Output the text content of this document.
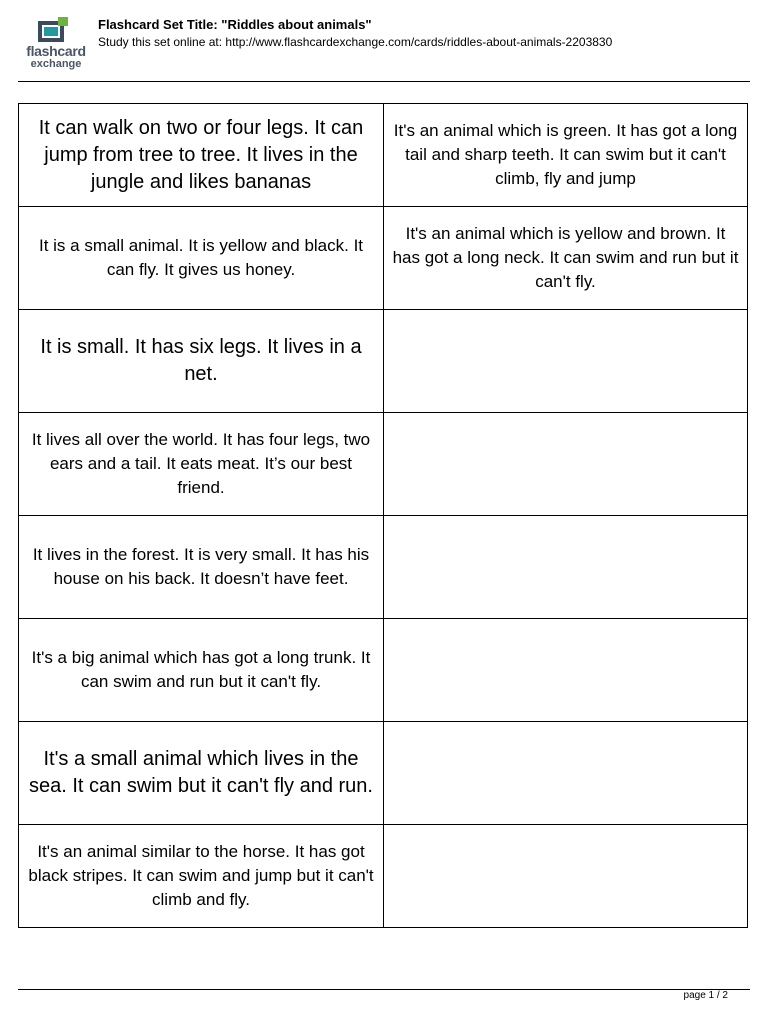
flashcard
exchange
Flashcard Set Title: "Riddles about animals"
Study this set online at: http://www.flashcardexchange.com/cards/riddles-about-animals-2203830
It can walk on two or four legs. It can jump from tree to tree. It lives in the jungle and likes bananas	It's an animal which is green. It has got a long tail and sharp teeth. It can swim but it can't climb, fly and jump
It is a small animal. It is yellow and black. It can fly. It gives us honey.	It's an animal which is yellow and brown. It has got a long neck. It can swim and run but it can't fly.
It is small. It has six legs. It lives in a net.	
It lives all over the world. It has four legs, two ears and a tail. It eats meat. It’s our best friend.	
It lives in the forest. It is very small. It has his house on his back. It doesn’t have feet.	
It's a big animal which has got a long trunk. It can swim and run but it can't fly.	
It's a small animal which lives in the sea. It can swim but it can't fly and run.	
It's an animal similar to the horse. It has got black stripes. It can swim and jump but it can't climb and fly.	
page 1 / 2
